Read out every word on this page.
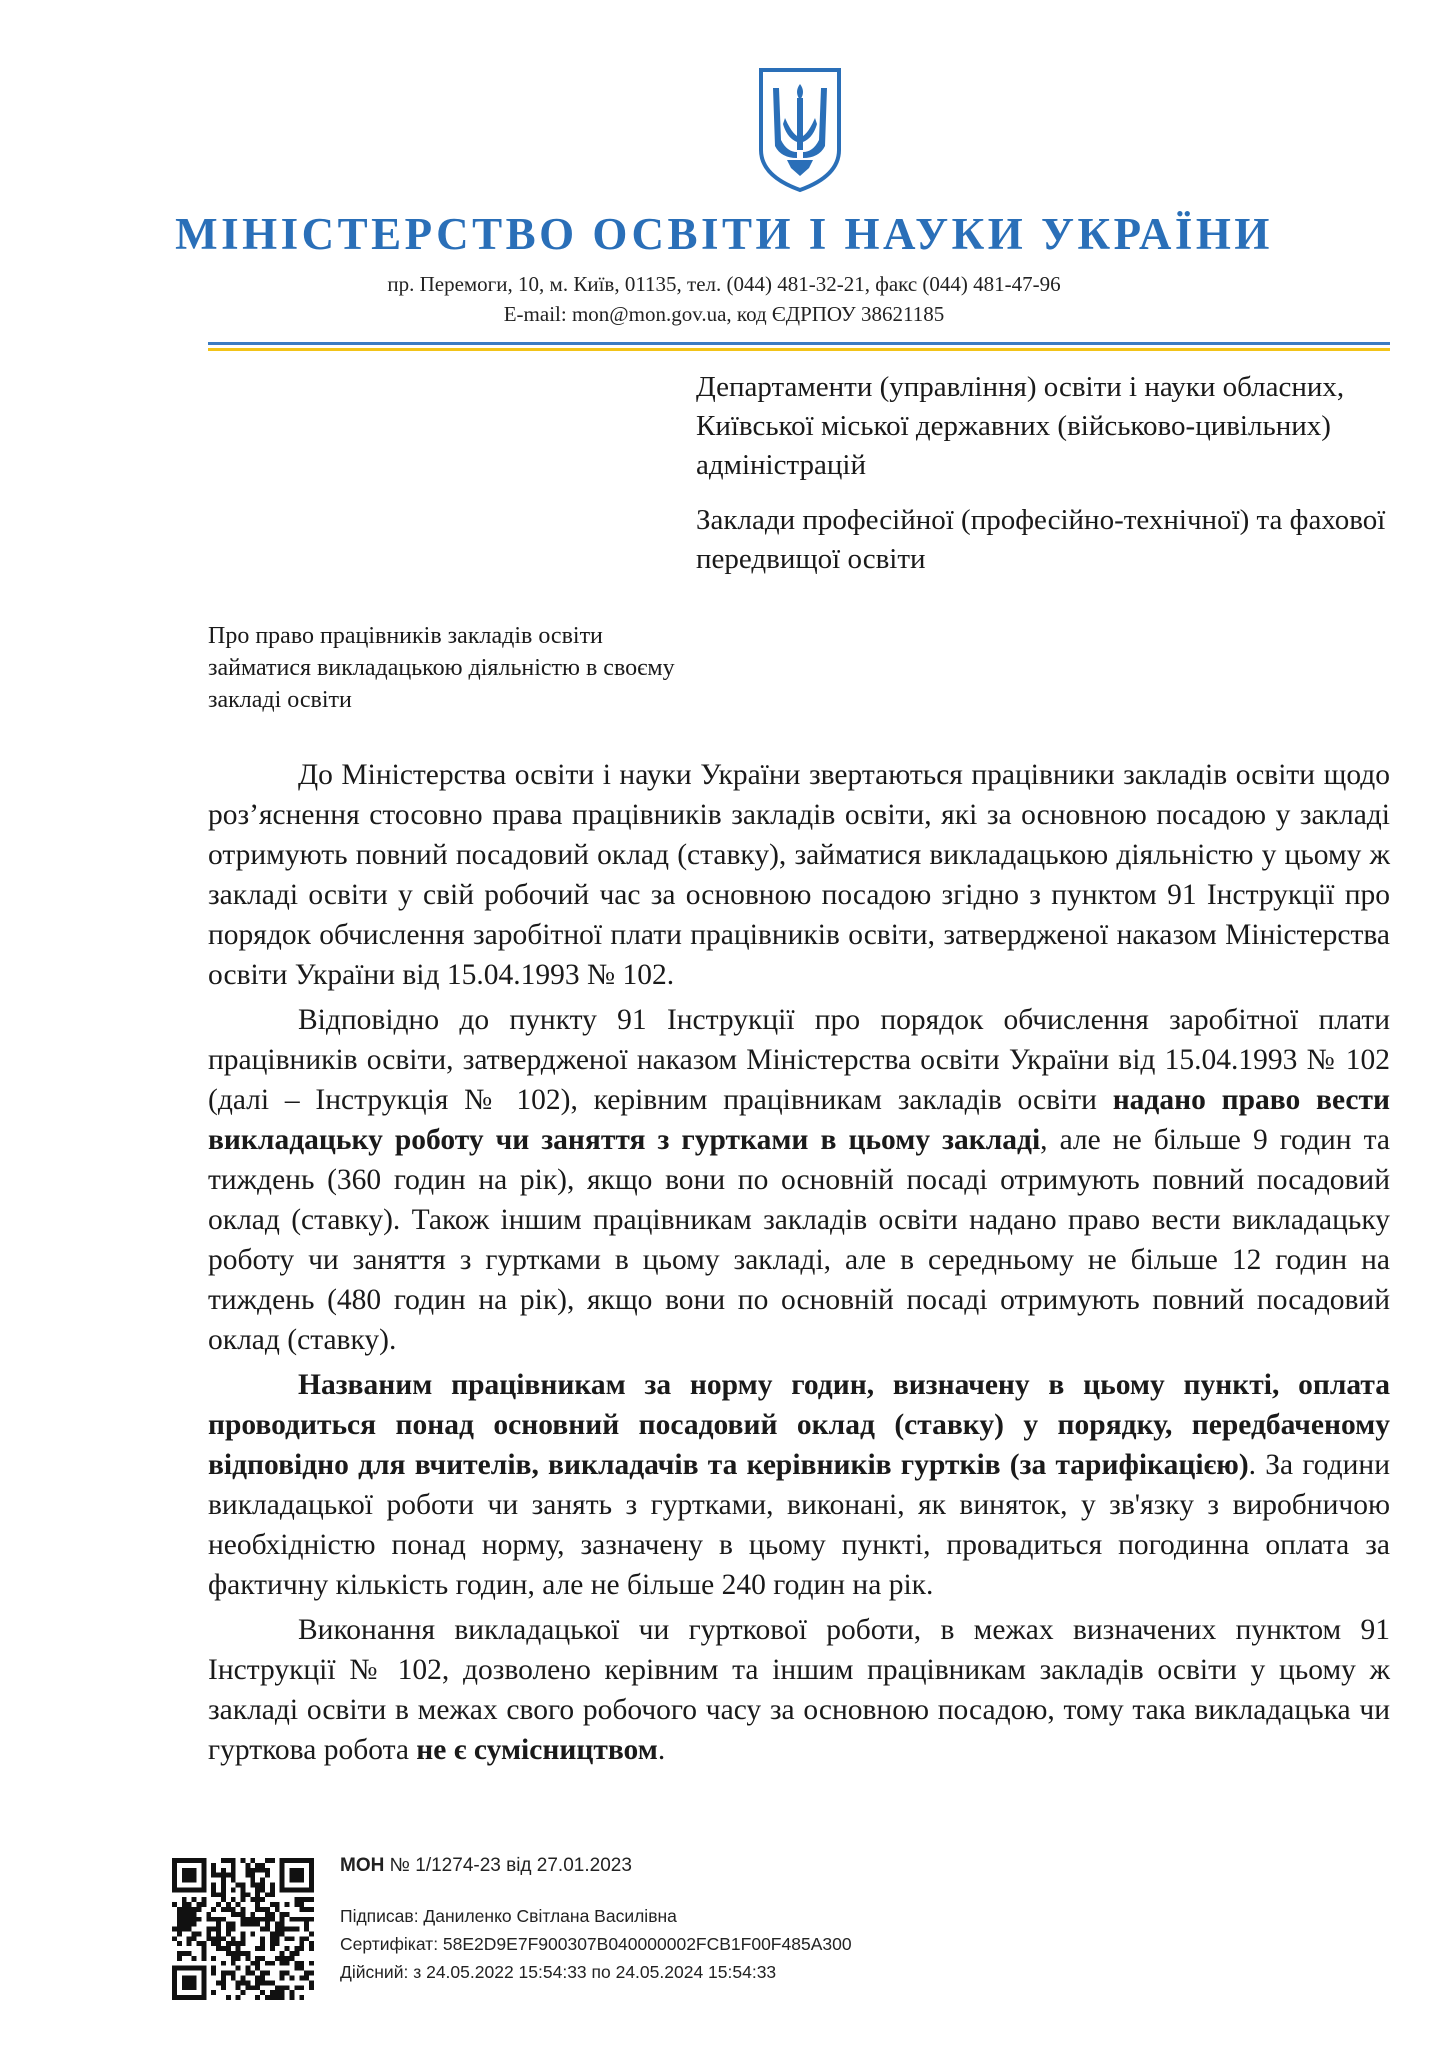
МІНІСТЕРСТВО ОСВІТИ І НАУКИ УКРАЇНИ
пр. Перемоги, 10, м. Київ, 01135, тел. (044) 481-32-21, факс (044) 481-47-96
E-mail: mon@mon.gov.ua, код ЄДРПОУ 38621185

Департаменти (управління) освіти і науки обласних, Київської міської державних (військово-цивільних) адміністрацій

Заклади професійної (професійно-технічної) та фахової передвищої освіти

Про право працівників закладів освіти займатися викладацькою діяльністю в своєму закладі освіти

До Міністерства освіти і науки України звертаються працівники закладів освіти щодо роз’яснення стосовно права працівників закладів освіти, які за основною посадою у закладі отримують повний посадовий оклад (ставку), займатися викладацькою діяльністю у цьому ж закладі освіти у свій робочий час за основною посадою згідно з пунктом 91 Інструкції про порядок обчислення заробітної плати працівників освіти, затвердженої наказом Міністерства освіти України від 15.04.1993 № 102.

Відповідно до пункту 91 Інструкції про порядок обчислення заробітної плати працівників освіти, затвердженої наказом Міністерства освіти України від 15.04.1993 № 102 (далі – Інструкція № 102), керівним працівникам закладів освіти надано право вести викладацьку роботу чи заняття з гуртками в цьому закладі, але не більше 9 годин та тиждень (360 годин на рік), якщо вони по основній посаді отримують повний посадовий оклад (ставку). Також іншим працівникам закладів освіти надано право вести викладацьку роботу чи заняття з гуртками в цьому закладі, але в середньому не більше 12 годин на тиждень (480 годин на рік), якщо вони по основній посаді отримують повний посадовий оклад (ставку).

Названим працівникам за норму годин, визначену в цьому пункті, оплата проводиться понад основний посадовий оклад (ставку) у порядку, передбаченому відповідно для вчителів, викладачів та керівників гуртків (за тарифікацією). За години викладацької роботи чи занять з гуртками, виконані, як виняток, у зв'язку з виробничою необхідністю понад норму, зазначену в цьому пункті, провадиться погодинна оплата за фактичну кількість годин, але не більше 240 годин на рік.

Виконання викладацької чи гурткової роботи, в межах визначених пунктом 91 Інструкції № 102, дозволено керівним та іншим працівникам закладів освіти у цьому ж закладі освіти в межах свого робочого часу за основною посадою, тому така викладацька чи гурткова робота не є сумісництвом.

МОН № 1/1274-23 від 27.01.2023
Підписав: Даниленко Світлана Василівна
Сертифікат: 58E2D9E7F900307B040000002FCB1F00F485A300
Дійсний: з 24.05.2022 15:54:33 по 24.05.2024 15:54:33
